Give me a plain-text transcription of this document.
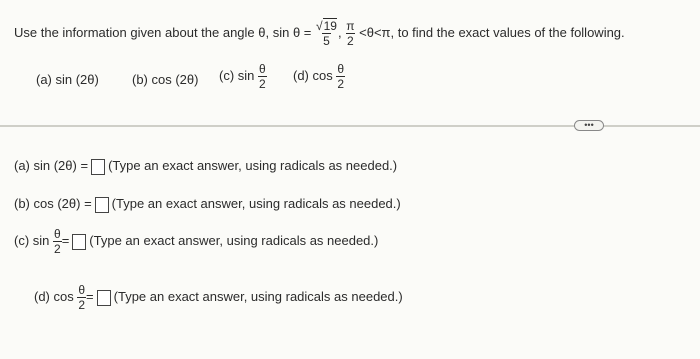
Use the information given about the angle θ, $\sin \theta = \frac{√19}{5}$ , $\frac{\pi}{2} <\theta<\pi$, to find the exact values of the following.
(a) sin (2θ)	(b) cos (2θ) (c) $\sin \frac{\theta}{2} (d)$ $\cos \frac{\theta}{2}$
•••
(a) sin (2θ) = (Type an exact answer, using radicals as needed.)
(b) cos (2θ) = (Type an exact answer, using radicals as needed.)
(c) $\sin \frac{\theta}{2}$ = (Type an exact answer, using radicals as needed.)
(d) $\cos \frac{\theta}{2}$ = (Type an exact answer, using radicals as needed.)
